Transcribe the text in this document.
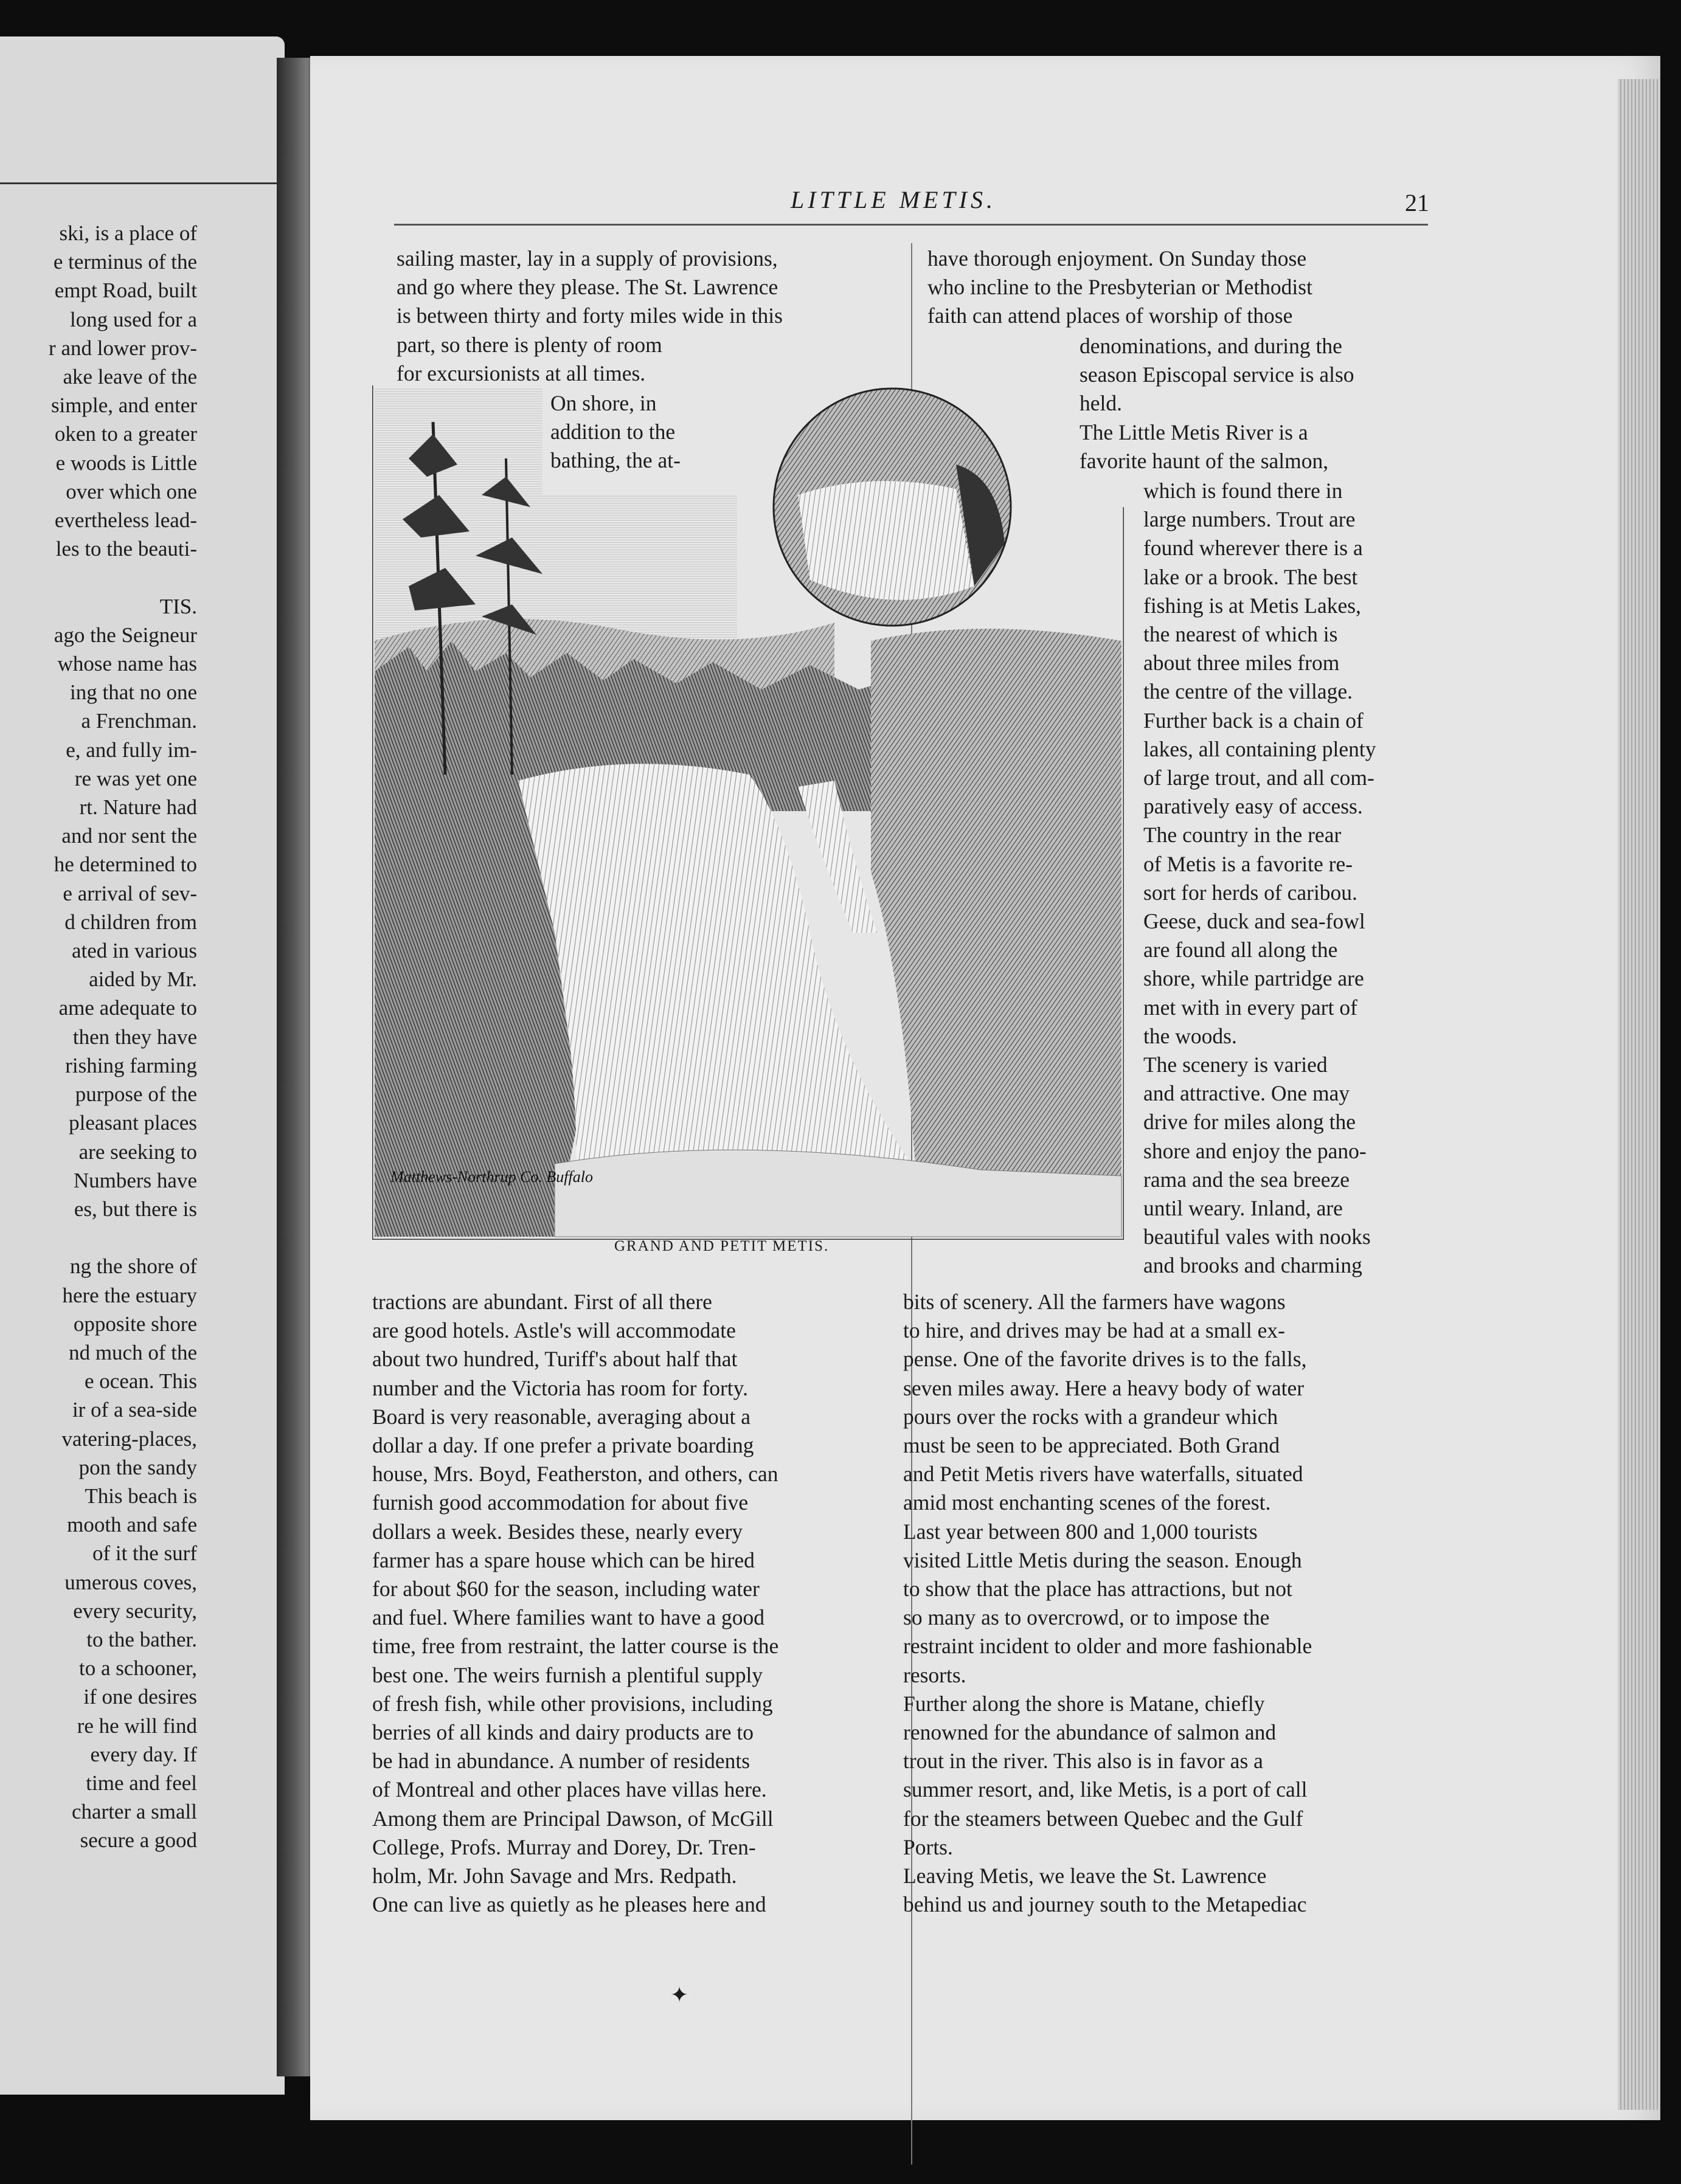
ski, is a place of
e terminus of the
empt Road, built
long used for a
r and lower prov-
ake leave of the
simple, and enter
oken to a greater
e woods is Little
over which one
evertheless lead-
les to the beauti-

TIS.
ago the Seigneur
whose name has
ing that no one
a Frenchman.
e, and fully im-
re was yet one
rt. Nature had
and nor sent the
he determined to
e arrival of sev-
d children from
ated in various
aided by Mr.
ame adequate to
then they have
rishing farming
purpose of the
pleasant places
are seeking to
Numbers have
es, but there is

ng the shore of
here the estuary
opposite shore
nd much of the
e ocean. This
ir of a sea-side
vatering-places,
pon the sandy
This beach is
mooth and safe
of it the surf
umerous coves,
every security,
to the bather.
to a schooner,
if one desires
re he will find
every day. If
time and feel
charter a small
secure a good
LITTLE METIS.	21
sailing master, lay in a supply of provisions,
and go where they please. The St. Lawrence
is between thirty and forty miles wide in this
part, so there is plenty of room
for excursionists at all times.
On shore, in
addition to the
bathing, the at-
have thorough enjoyment. On Sunday those
who incline to the Presbyterian or Methodist
faith can attend places of worship of those
denominations, and during the
season Episcopal service is also
held.
The Little Metis River is a
favorite haunt of the salmon,
which is found there in
large numbers. Trout are
found wherever there is a
lake or a brook. The best
fishing is at Metis Lakes,
the nearest of which is
about three miles from
the centre of the village.
Further back is a chain of
lakes, all containing plenty
of large trout, and all com-
paratively easy of access.
The country in the rear
of Metis is a favorite re-
sort for herds of caribou.
Geese, duck and sea-fowl
are found all along the
shore, while partridge are
met with in every part of
the woods.
The scenery is varied
and attractive. One may
drive for miles along the
shore and enjoy the pano-
rama and the sea breeze
until weary. Inland, are
beautiful vales with nooks
and brooks and charming
tractions are abundant. First of all there
are good hotels. Astle's will accommodate
about two hundred, Turiff's about half that
number and the Victoria has room for forty.
Board is very reasonable, averaging about a
dollar a day. If one prefer a private boarding
house, Mrs. Boyd, Featherston, and others, can
furnish good accommodation for about five
dollars a week. Besides these, nearly every
farmer has a spare house which can be hired
for about $60 for the season, including water
and fuel. Where families want to have a good
time, free from restraint, the latter course is the
best one. The weirs furnish a plentiful supply
of fresh fish, while other provisions, including
berries of all kinds and dairy products are to
be had in abundance. A number of residents
of Montreal and other places have villas here.
Among them are Principal Dawson, of McGill
College, Profs. Murray and Dorey, Dr. Tren-
holm, Mr. John Savage and Mrs. Redpath.
One can live as quietly as he pleases here and
bits of scenery. All the farmers have wagons
to hire, and drives may be had at a small ex-
pense. One of the favorite drives is to the falls,
seven miles away. Here a heavy body of water
pours over the rocks with a grandeur which
must be seen to be appreciated. Both Grand
and Petit Metis rivers have waterfalls, situated
amid most enchanting scenes of the forest.
Last year between 800 and 1,000 tourists
visited Little Metis during the season. Enough
to show that the place has attractions, but not
so many as to overcrowd, or to impose the
restraint incident to older and more fashionable
resorts.
Further along the shore is Matane, chiefly
renowned for the abundance of salmon and
trout in the river. This also is in favor as a
summer resort, and, like Metis, is a port of call
for the steamers between Quebec and the Gulf
Ports.
Leaving Metis, we leave the St. Lawrence
behind us and journey south to the Metapediac
Matthews-Northrup Co. Buffalo
GRAND AND PETIT METIS.
✦
